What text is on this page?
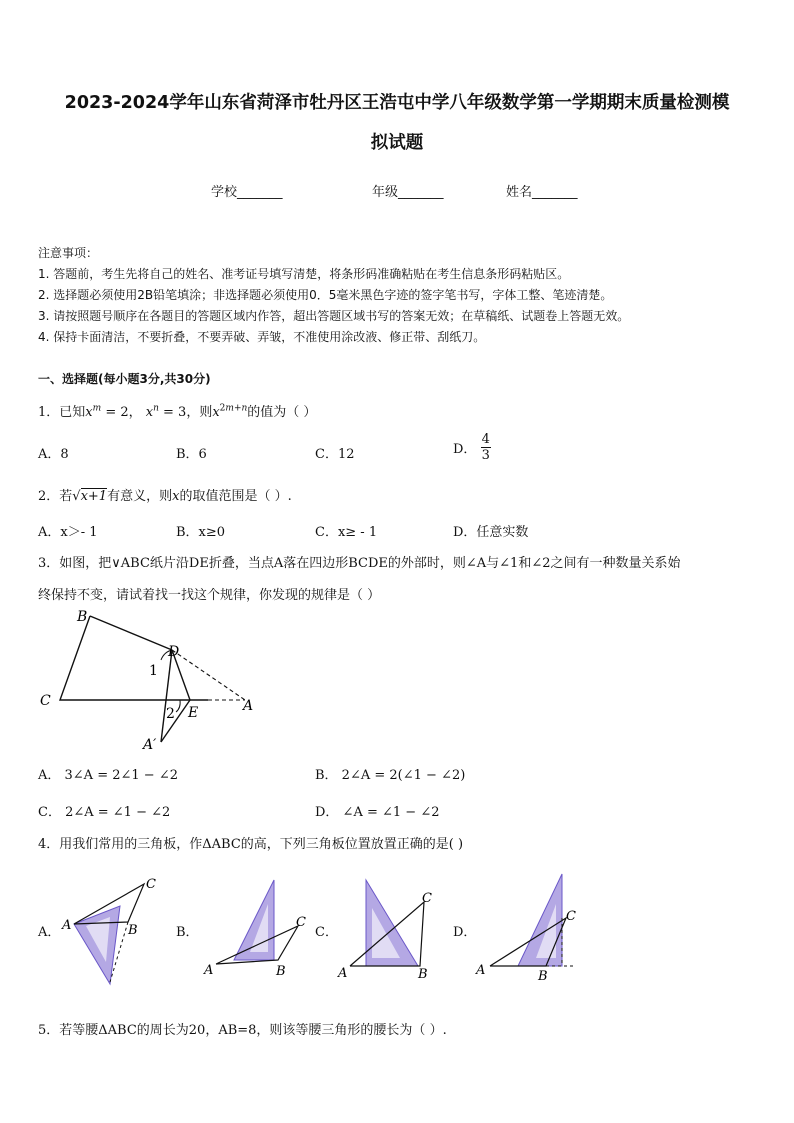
2023-2024学年山东省菏泽市牡丹区王浩屯中学八年级数学第一学期期末质量检测模
拟试题
学校_______	年级_______	姓名_______
注意事项：
1. 答题前，考生先将自己的姓名、准考证号填写清楚，将条形码准确粘贴在考生信息条形码粘贴区。
2. 选择题必须使用2B铅笔填涂；非选择题必须使用0．5毫米黑色字迹的签字笔书写，字体工整、笔迹清楚。
3. 请按照题号顺序在各题目的答题区域内作答，超出答题区域书写的答案无效；在草稿纸、试题卷上答题无效。
4. 保持卡面清洁，不要折叠，不要弄破、弄皱，不准使用涂改液、修正带、刮纸刀。
一、选择题(每小题3分,共30分)
1．已知$x^m = 2$， $x^n = 3$，则$x^{2m+n}$的值为（ ）
A．8	B．6	C．12	D． $\frac{4}{3}$
2．若√x+1有意义，则x的取值范围是（ ）.
A．x＞- 1	B．x≥0	C．x≥ - 1	D．任意实数
3．如图，把∨ABC纸片沿DE折叠，当点A落在四边形BCDE的外部时，则∠A与∠1和∠2之间有一种数量关系始
终保持不变，请试着找一找这个规律，你发现的规律是（ ）
B
C
D
E	A
A′
1
2
A． 3∠A = 2∠1 − ∠2	B． 2∠A = 2(∠1 − ∠2)
C． 2∠A = ∠1 − ∠2	D． ∠A = ∠1 − ∠2
4．用我们常用的三角板，作ΔABC的高，下列三角板位置放置正确的是( )
A． A	B
C
B．
A	B
C
C．
A	B
C
D．
A	B
C
5．若等腰ΔABC的周长为20，AB=8，则该等腰三角形的腰长为（ ）.
